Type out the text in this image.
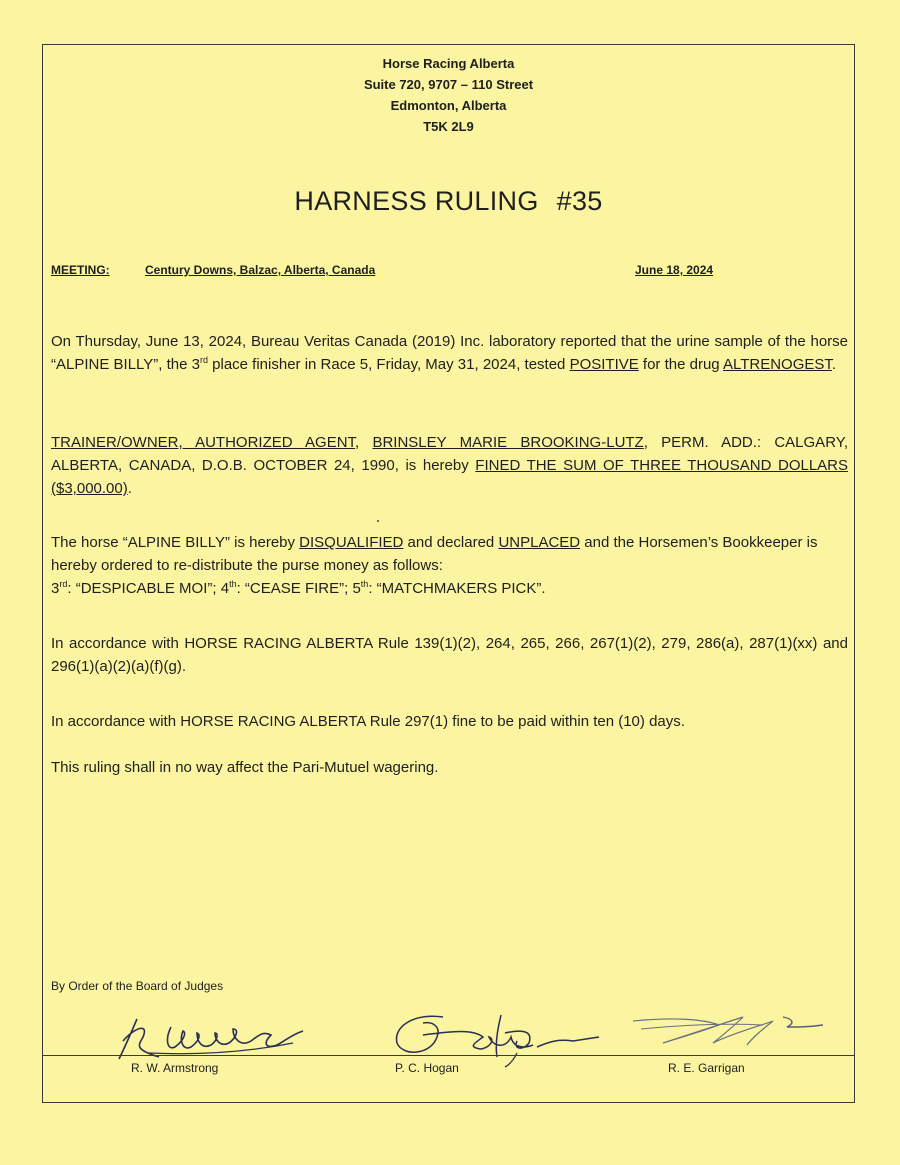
Horse Racing Alberta
Suite 720, 9707 – 110 Street
Edmonton, Alberta
T5K 2L9
HARNESS RULING #35
MEETING:	Century Downs, Balzac, Alberta, Canada	June 18, 2024
On Thursday, June 13, 2024, Bureau Veritas Canada (2019) Inc. laboratory reported that the urine sample of the horse “ALPINE BILLY”, the 3rd place finisher in Race 5, Friday, May 31, 2024, tested POSITIVE for the drug ALTRENOGEST.
TRAINER/OWNER, AUTHORIZED AGENT, BRINSLEY MARIE BROOKING-LUTZ, PERM. ADD.: CALGARY, ALBERTA, CANADA, D.O.B. OCTOBER 24, 1990, is hereby FINED THE SUM OF THREE THOUSAND DOLLARS ($3,000.00).
The horse “ALPINE BILLY” is hereby DISQUALIFIED and declared UNPLACED and the Horsemen’s Bookkeeper is hereby ordered to re-distribute the purse money as follows:
3rd: “DESPICABLE MOI”; 4th: “CEASE FIRE”; 5th: “MATCHMAKERS PICK”.
In accordance with HORSE RACING ALBERTA Rule 139(1)(2), 264, 265, 266, 267(1)(2), 279, 286(a), 287(1)(xx) and 296(1)(a)(2)(a)(f)(g).
In accordance with HORSE RACING ALBERTA Rule 297(1) fine to be paid within ten (10) days.
This ruling shall in no way affect the Pari-Mutuel wagering.
By Order of the Board of Judges
R. W. Armstrong	P. C. Hogan	R. E. Garrigan
